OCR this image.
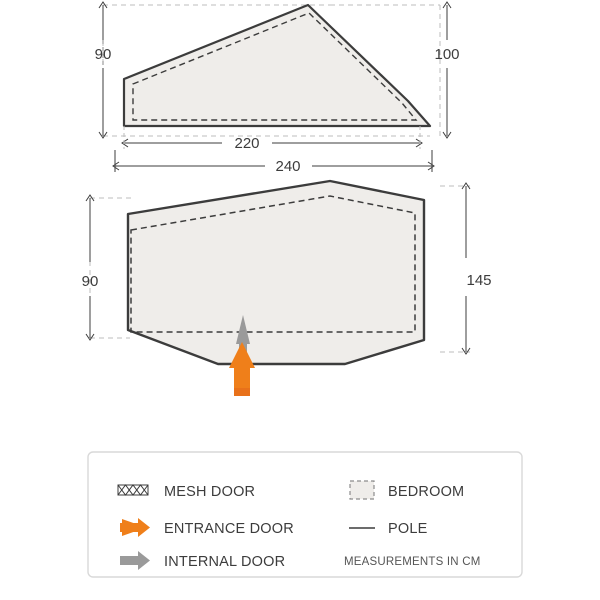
90	100
220
240
90	145
MESH DOOR
ENTRANCE DOOR
INTERNAL DOOR
BEDROOM
POLE
MEASUREMENTS IN CM
